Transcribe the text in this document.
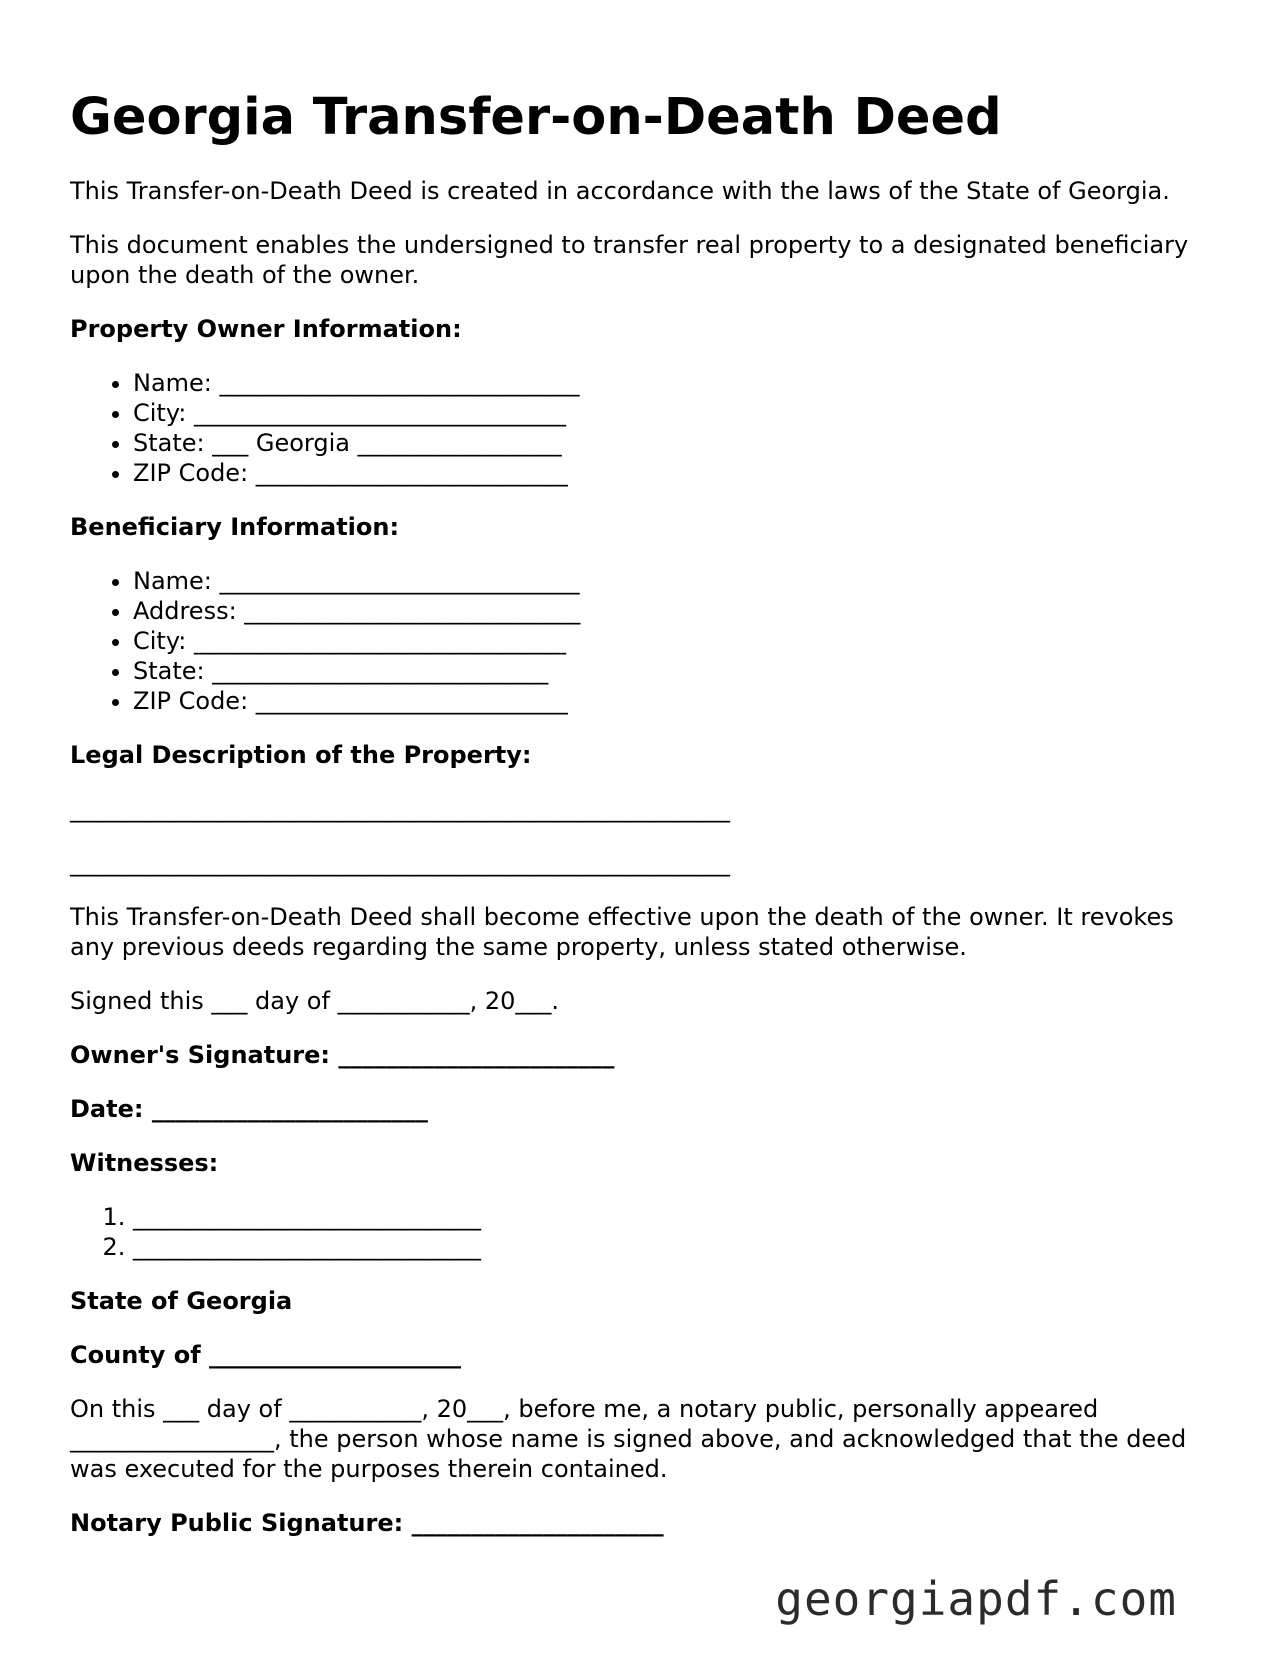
Georgia Transfer-on-Death Deed

This Transfer-on-Death Deed is created in accordance with the laws of the State of Georgia.

This document enables the undersigned to transfer real property to a designated beneficiary upon the death of the owner.

Property Owner Information:
• Name: ______________________________
• City: _______________________________
• State: ___ Georgia _________________
• ZIP Code: __________________________
Beneficiary Information:
• Name: ______________________________
• Address: ____________________________
• City: _______________________________
• State: ____________________________
• ZIP Code: __________________________
Legal Description of the Property:
_______________________________________________________
_______________________________________________________

This Transfer-on-Death Deed shall become effective upon the death of the owner. It revokes any previous deeds regarding the same property, unless stated otherwise.

Signed this ___ day of ___________, 20___.

Owner's Signature: _______________________
Date: _______________________
Witnesses:
1. _____________________________
2. _____________________________
State of Georgia
County of _____________________

On this ___ day of ___________, 20___, before me, a notary public, personally appeared _________________, the person whose name is signed above, and acknowledged that the deed was executed for the purposes therein contained.

Notary Public Signature: _____________________
georgiapdf.com
